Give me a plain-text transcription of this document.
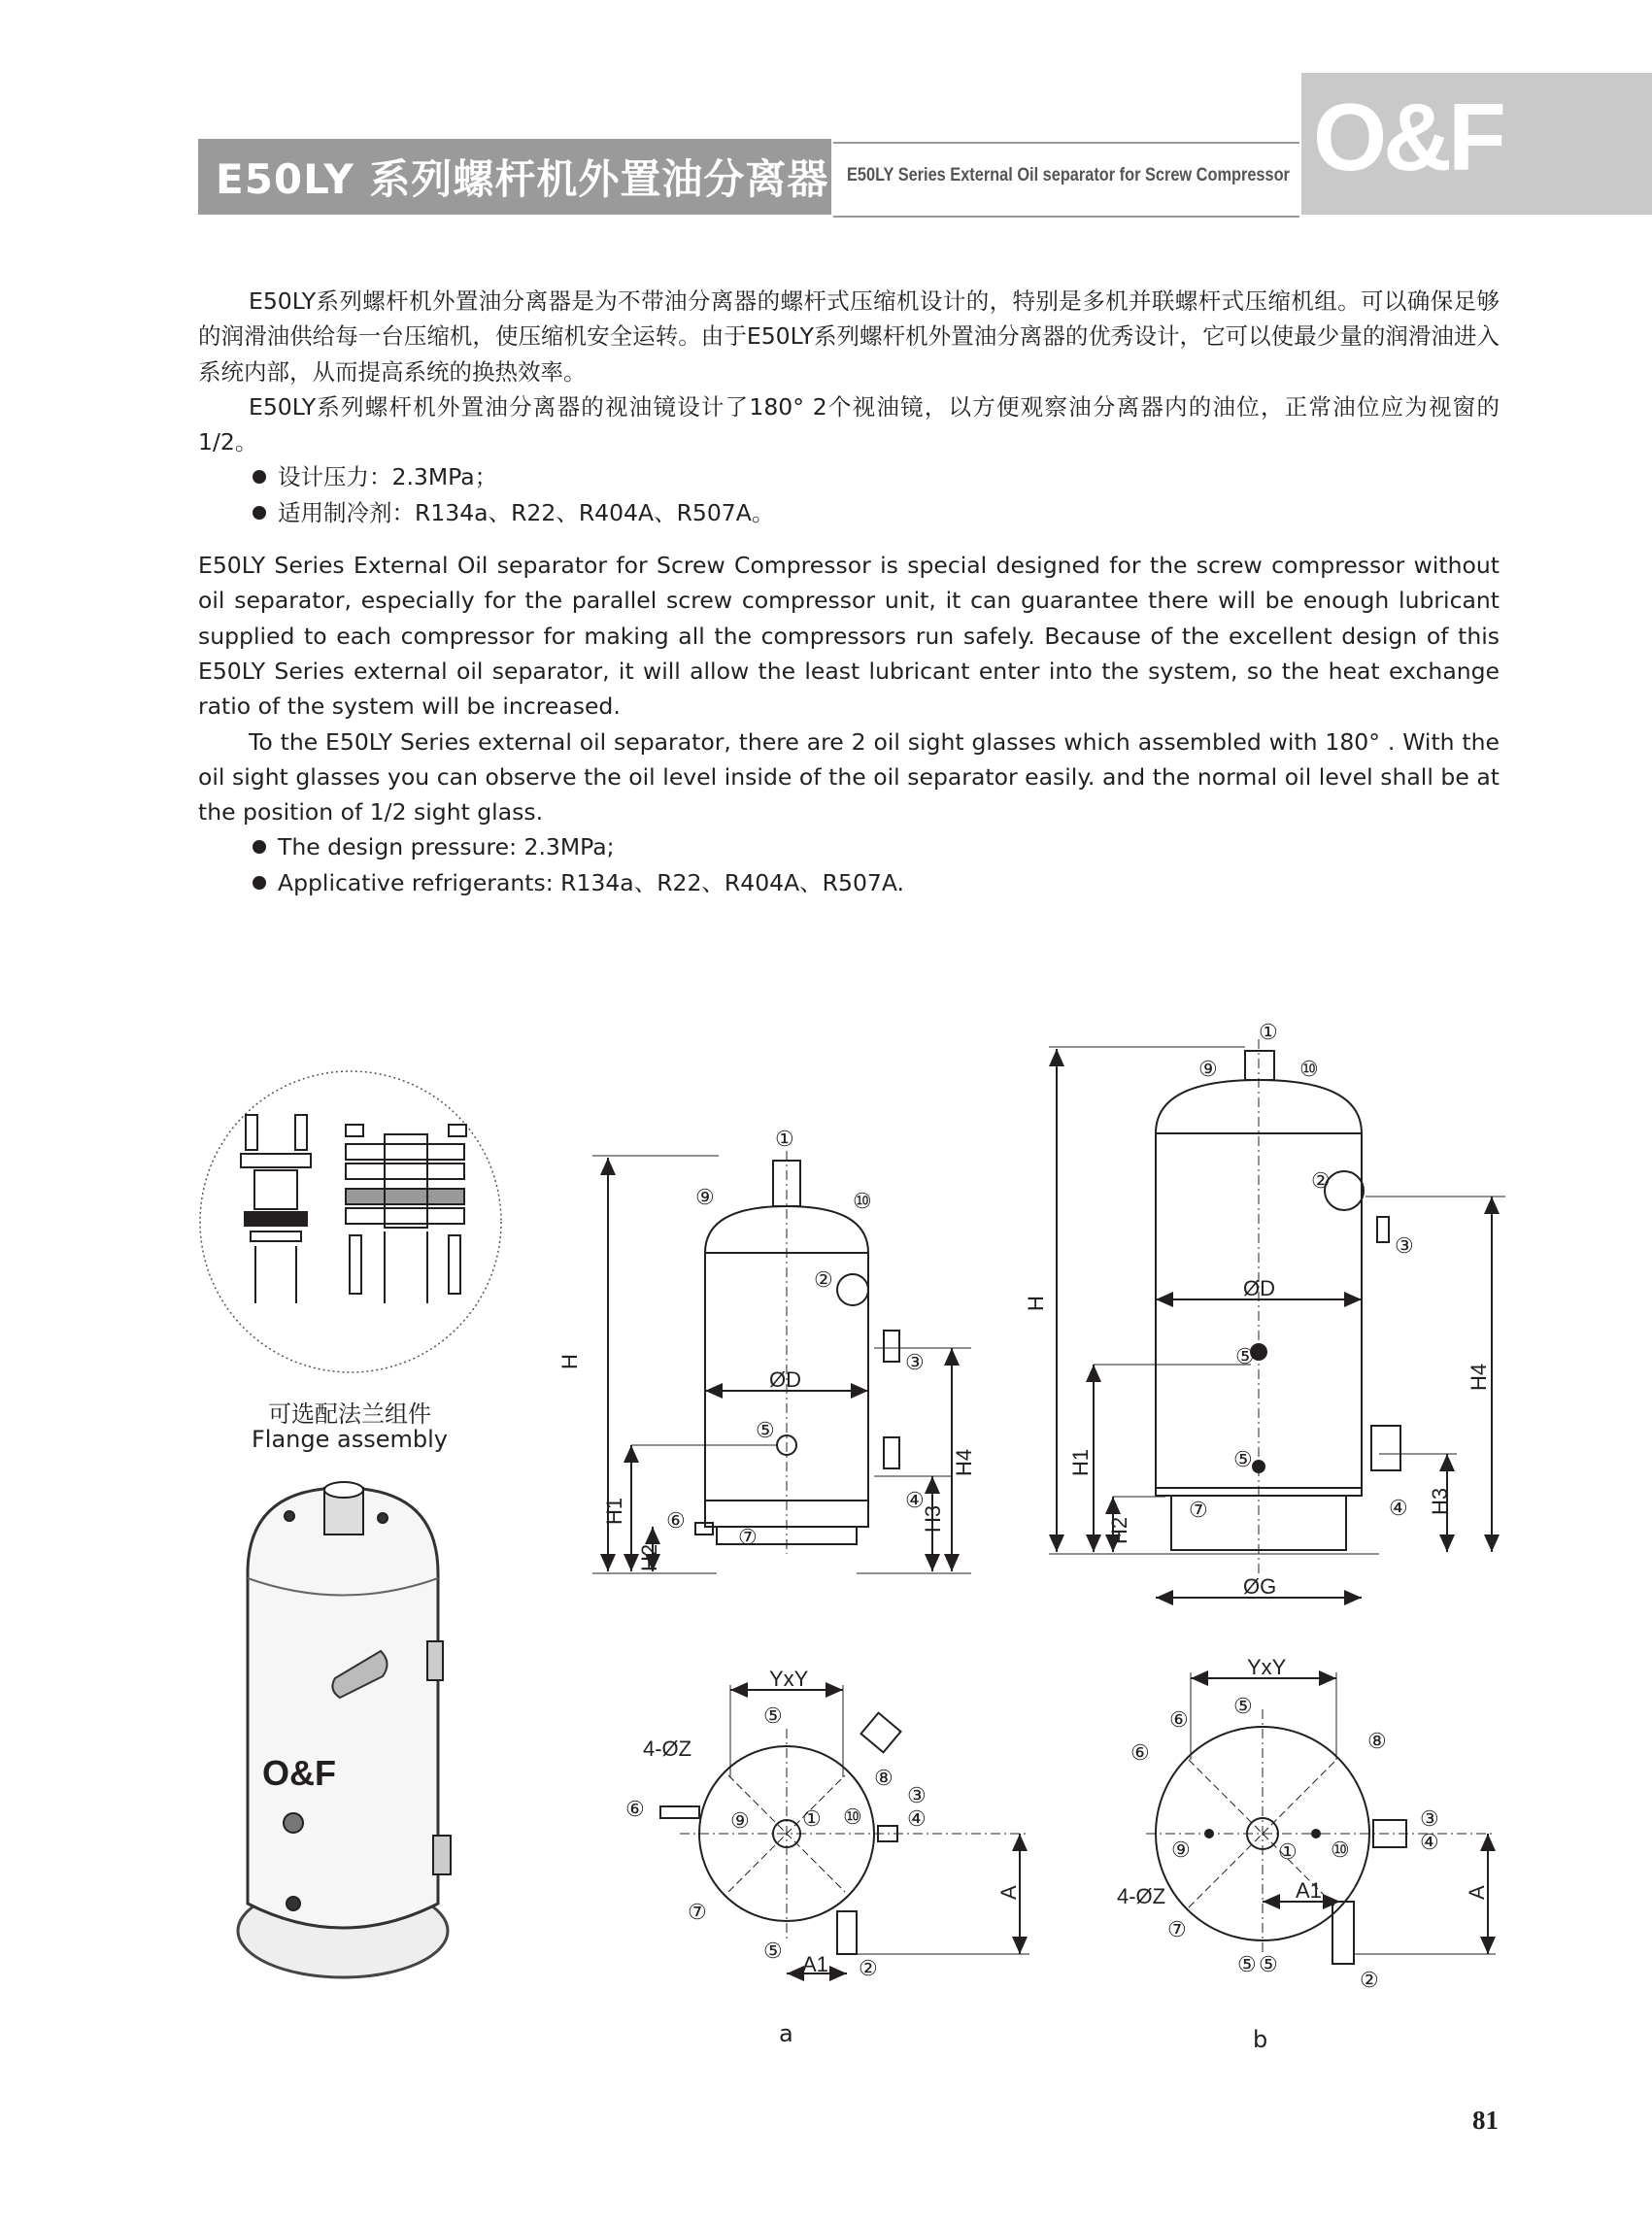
E50LY 系列螺杆机外置油分离器 E50LY Series External Oil separator for Screw Compressor O&F

E50LY系列螺杆机外置油分离器是为不带油分离器的螺杆式压缩机设计的，特别是多机并联螺杆式压缩机组。可以确保足够的润滑油供给每一台压缩机，使压缩机安全运转。由于E50LY系列螺杆机外置油分离器的优秀设计，它可以使最少量的润滑油进入系统内部，从而提高系统的换热效率。

E50LY系列螺杆机外置油分离器的视油镜设计了180° 2个视油镜，以方便观察油分离器内的油位，正常油位应为视窗的1/2。

设计压力：2.3MPa；

适用制冷剂：R134a、R22、R404A、R507A。

E50LY Series External Oil separator for Screw Compressor is special designed for the screw compressor without oil separator, especially for the parallel screw compressor unit, it can guarantee there will be enough lubricant supplied to each compressor for making all the compressors run safely. Because of the excellent design of this E50LY Series external oil separator, it will allow the least lubricant enter into the system, so the heat exchange ratio of the system will be increased.

To the E50LY Series external oil separator, there are 2 oil sight glasses which assembled with 180° . With the oil sight glasses you can observe the oil level inside of the oil separator easily. and the normal oil level shall be at the position of 1/2 sight glass.

The design pressure: 2.3MPa;

Applicative refrigerants: R134a、R22、R404A、R507A.

H
H1
H2
H3
H4
ØD
H
H1
H2
H3
H4
ØD
ØG
YxY	YxY
4-ØZ
4-ØZ
A	A
A1
A1
①
②
③
④
⑤
⑥
⑦
⑨	⑩
①
②
③
④
⑤
⑤
⑦
⑨	⑩
⑤
⑥
⑧
⑨ ① ⑩
③
④
⑦
⑤
②
⑤
⑥
⑥	⑧
⑨	① ⑩
③
④
⑦
⑤ ⑤
②
O&F
可选配法兰组件
Flange assembly
a	b
81
